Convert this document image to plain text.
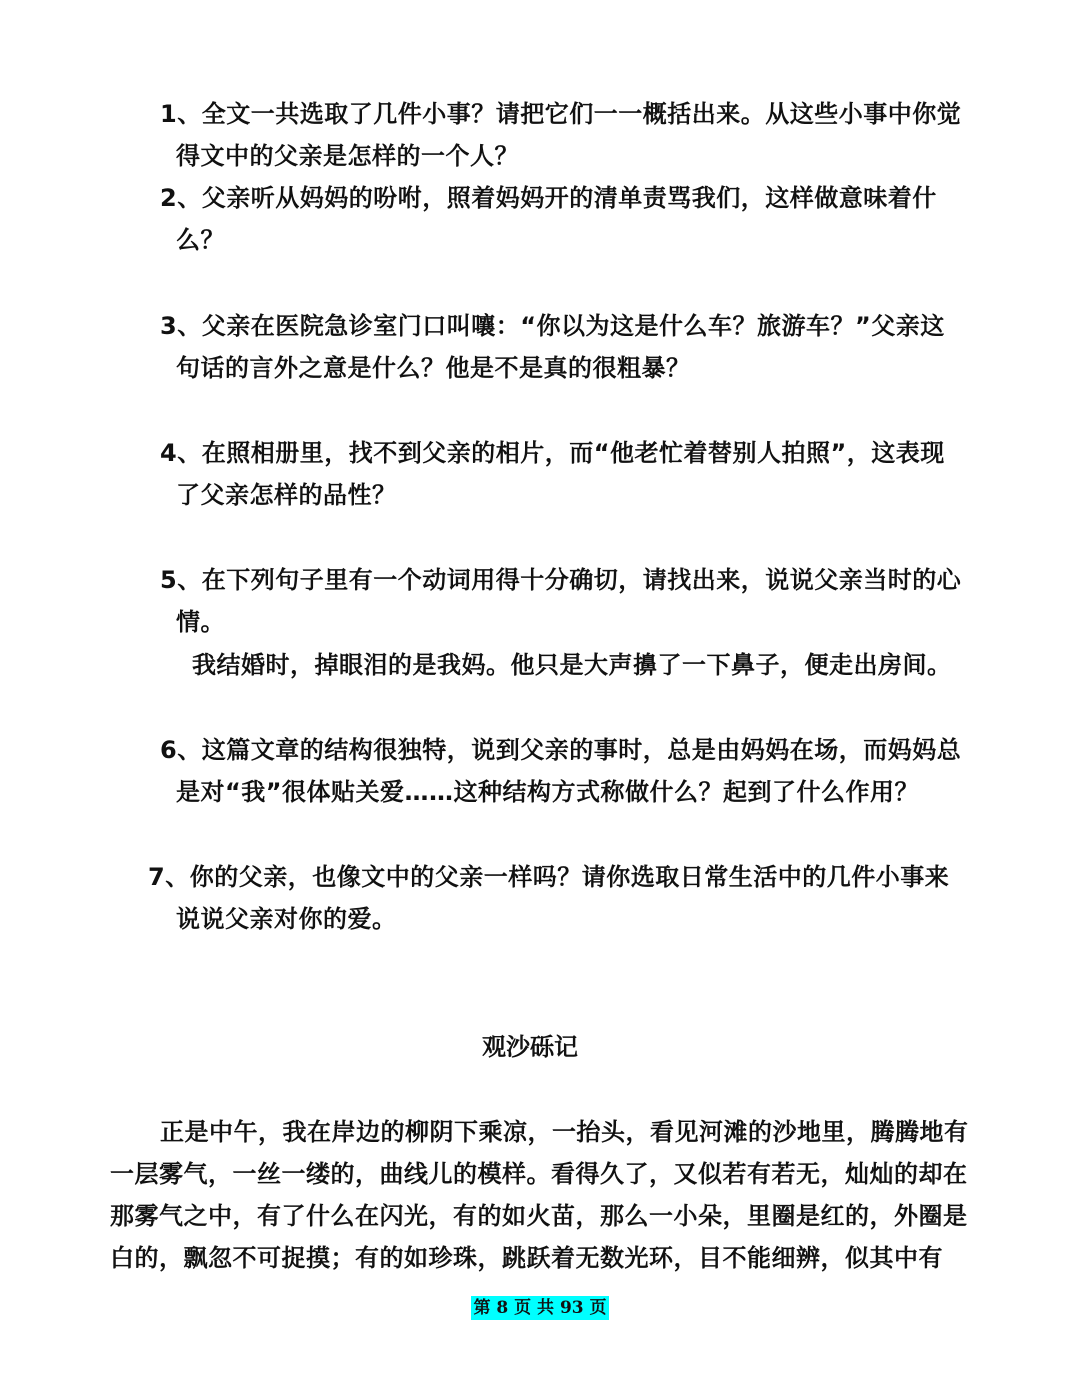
1、全文一共选取了几件小事？请把它们一一概括出来。从这些小事中你觉
得文中的父亲是怎样的一个人？
2、父亲听从妈妈的吩咐，照着妈妈开的清单责骂我们，这样做意味着什
么？
3、父亲在医院急诊室门口叫嚷：“你以为这是什么车？旅游车？”父亲这
句话的言外之意是什么？他是不是真的很粗暴？
4、在照相册里，找不到父亲的相片，而“他老忙着替别人拍照”，这表现
了父亲怎样的品性？
5、在下列句子里有一个动词用得十分确切，请找出来，说说父亲当时的心
情。
我结婚时，掉眼泪的是我妈。他只是大声擤了一下鼻子，便走出房间。
6、这篇文章的结构很独特，说到父亲的事时，总是由妈妈在场，而妈妈总
是对“我”很体贴关爱……这种结构方式称做什么？起到了什么作用？
7、你的父亲，也像文中的父亲一样吗？请你选取日常生活中的几件小事来
说说父亲对你的爱。
观沙砾记
正是中午，我在岸边的柳阴下乘凉，一抬头，看见河滩的沙地里，腾腾地有
一层雾气，一丝一缕的，曲线儿的模样。看得久了，又似若有若无，灿灿的却在
那雾气之中，有了什么在闪光，有的如火苗，那么一小朵，里圈是红的，外圈是
白的，飘忽不可捉摸；有的如珍珠，跳跃着无数光环，目不能细辨，似其中有
第 8 页 共 93 页
